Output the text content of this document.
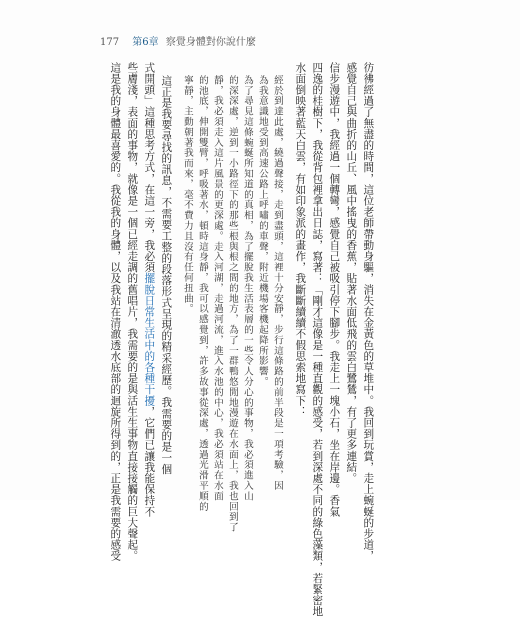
177 第6章 察覺身體對你說什麼
彷彿經過了無盡的時間，這位老師帶動身驅，消失在金黃色的草堆中。我回到玩賞，走上蜿蜒的步道，
感覺自己與曲折的山丘、風中搖曳的香蕉，貼著水面低飛的雲白鷺鷥，有了更多連結。
信步漫遊中，我經過一個轉彎，感覺自己被吸引停下腳步。我走上一塊小石，坐在岸邊。香氣
四逸的桂樹下，我從背包裡拿出日誌，寫著：「剛才這像是一種直觀的感受，若到深處不同的綠色藻類，若緊密地
水面倒映著藍天白雲，有如印象派的畫作，我斷斷續續不假思索地寫下：
經於到達此處，繞過聲接，走到盡頭，這裡十分安靜，步行這條路的前半段是一項考驗，因
為我意識地受到高速公路上呼嘯的車聲，附近機場客機起降所影響。
為了尋見這條蜿蜒所知道的真相，為了擺脫我生活表層的一些令人分心的事物，我必須進入山
的深深處，逆到一小路徑下的那些根與根之間的地方，為了一群鴨悠閒地漫遊在水面上，我也回到了
靜，我必須走入這片風景的更深處。走入河湖，走過河流，進入水池的中心，我必須站在水面
的池底，伸開雙臂，呼吸著水，頓時這身靜，我可以感覺到，許多故事從深處，透過光滑平順的
寧靜，主動朝著我而來，毫不費力且沒有任何扭曲。
這正是我要尋找的訊息，不需要工整的段落形式呈現的精采經歷。我需要的是一個
式開頭」這種思考方式，在這一旁，我必須擺脫日常生活中的各種干擾，它們已讓我能保持不
些膚淺，表面的事物，就像是一個已經走調的舊唱片，我需要的是與活生生事物直接接觸的巨大聲起。
這是我的身體最喜愛的。我從我的身體，以及我站在清澈透水底部的迴旋所得到的，正是我需要的感受
